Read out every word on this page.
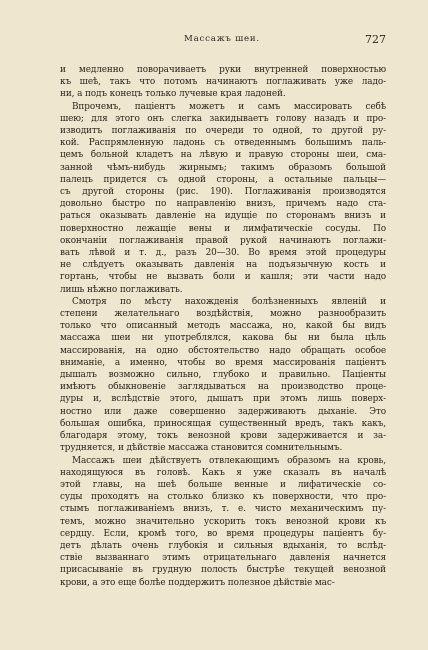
Массажъ шеи.	727
и медленно поворачиваетъ руки внутренней поверхностью
къ шеѣ, такъ что потомъ начинаютъ поглаживать уже ладо-
ни, а подъ конецъ только лучевые края ладоней.
Впрочемъ, паціентъ можетъ и самъ массировать себѣ
шею; для этого онъ слегка закидываетъ голову назадъ и про-
изводитъ поглаживанія по очереди то одной, то другой ру-
кой. Распрямленную ладонь съ отведеннымъ большимъ паль-
цемъ больной кладетъ на лѣвую и правую стороны шеи, сма-
занной чѣмъ-нибудь жирнымъ; такимъ образомъ большой
палецъ придется съ одной стороны, а остальные пальцы—
съ другой стороны (рис. 190). Поглаживанія производятся
довольно быстро по направленію внизъ, причемъ надо ста-
раться оказывать давленіе на идущіе по сторонамъ внизъ и
поверхностно лежащіе вены и лимфатическіе сосуды. По
окончаніи поглаживанія правой рукой начинаютъ поглажи-
вать лѣвой и т. д., разъ 20—30. Во время этой процедуры
не слѣдуетъ оказывать давленія на подъязычную кость и
гортань, чтобы не вызвать боли и кашля; эти части надо
лишь нѣжно поглаживать.
Смотря по мѣсту нахожденія болѣзненныхъ явленій и
степени желательнаго воздѣйствія, можно разнообразить
только что описанный методъ массажа, но, какой бы видъ
массажа шеи ни употреблялся, какова бы ни была цѣль
массированія, на одно обстоятельство надо обращать особое
вниманіе, а именно, чтобы во время массированія паціентъ
дышалъ возможно сильно, глубоко и правильно. Паціенты
имѣютъ обыкновеніе заглядываться на производство проце-
дуры и, вслѣдствіе этого, дышатъ при этомъ лишь поверх-
ностно или даже совершенно задерживаютъ дыханіе. Это
большая ошибка, приносящая существенный вредъ, такъ какъ,
благодаря этому, токъ венозной крови задерживается и за-
трудняется, и дѣйствіе массажа становится сомнительнымъ.
Массажъ шеи дѣйствуетъ отвлекающимъ образомъ на кровь,
находящуюся въ головѣ. Какъ я уже сказалъ въ началѣ
этой главы, на шеѣ больше венные и лифатическіе со-
суды проходятъ на столько близко къ поверхности, что про-
стымъ поглаживаніемъ внизъ, т. е. чисто механическимъ пу-
темъ, можно значительно ускорить токъ венозной крови къ
сердцу. Если, кромѣ того, во время процедуры паціентъ бу-
детъ дѣлать очень глубокія и сильныя вдыханія, то вслѣд-
ствіе вызваннаго этимъ отрицательнаго давленія начнется
присасываніе въ грудную полость быстрѣе текущей венозной
крови, а это еще болѣе поддержитъ полезное дѣйствіе мас-
